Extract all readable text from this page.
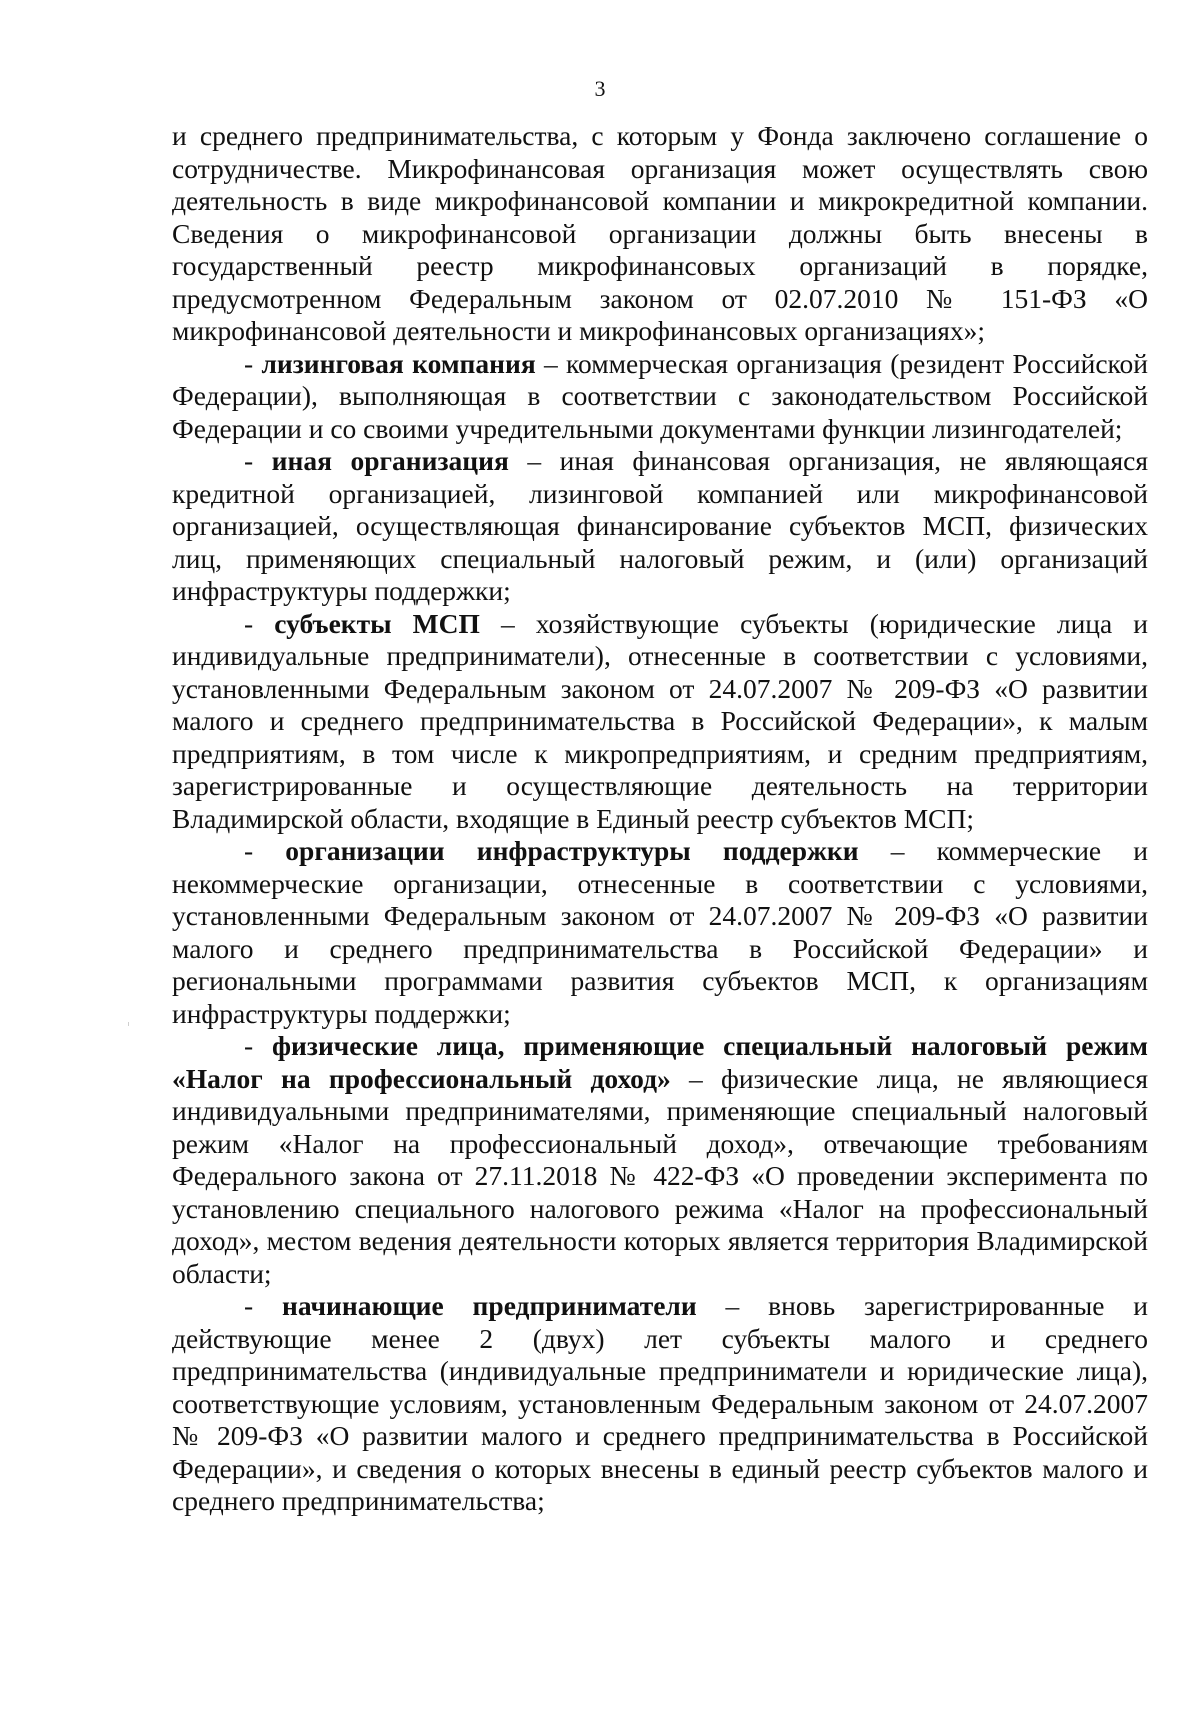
3

и среднего предпринимательства, с которым у Фонда заключено соглашение о сотрудничестве. Микрофинансовая организация может осуществлять свою деятельность в виде микрофинансовой компании и микрокредитной компании. Сведения о микрофинансовой организации должны быть внесены в государственный реестр микрофинансовых организаций в порядке, предусмотренном Федеральным законом от 02.07.2010 № 151-ФЗ «О микрофинансовой деятельности и микрофинансовых организациях»;

- лизинговая компания – коммерческая организация (резидент Российской Федерации), выполняющая в соответствии с законодательством Российской Федерации и со своими учредительными документами функции лизингодателей;

- иная организация – иная финансовая организация, не являющаяся кредитной организацией, лизинговой компанией или микрофинансовой организацией, осуществляющая финансирование субъектов МСП, физических лиц, применяющих специальный налоговый режим, и (или) организаций инфраструктуры поддержки;

- субъекты МСП – хозяйствующие субъекты (юридические лица и индивидуальные предприниматели), отнесенные в соответствии с условиями, установленными Федеральным законом от 24.07.2007 № 209-ФЗ «О развитии малого и среднего предпринимательства в Российской Федерации», к малым предприятиям, в том числе к микропредприятиям, и средним предприятиям, зарегистрированные и осуществляющие деятельность на территории Владимирской области, входящие в Единый реестр субъектов МСП;

- организации инфраструктуры поддержки – коммерческие и некоммерческие организации, отнесенные в соответствии с условиями, установленными Федеральным законом от 24.07.2007 № 209-ФЗ «О развитии малого и среднего предпринимательства в Российской Федерации» и региональными программами развития субъектов МСП, к организациям инфраструктуры поддержки;

- физические лица, применяющие специальный налоговый режим «Налог на профессиональный доход» – физические лица, не являющиеся индивидуальными предпринимателями, применяющие специальный налоговый режим «Налог на профессиональный доход», отвечающие требованиям Федерального закона от 27.11.2018 № 422-ФЗ «О проведении эксперимента по установлению специального налогового режима «Налог на профессиональный доход», местом ведения деятельности которых является территория Владимирской области;

- начинающие предприниматели – вновь зарегистрированные и действующие менее 2 (двух) лет субъекты малого и среднего предпринимательства (индивидуальные предприниматели и юридические лица), соответствующие условиям, установленным Федеральным законом от 24.07.2007 № 209-ФЗ «О развитии малого и среднего предпринимательства в Российской Федерации», и сведения о которых внесены в единый реестр субъектов малого и среднего предпринимательства;
